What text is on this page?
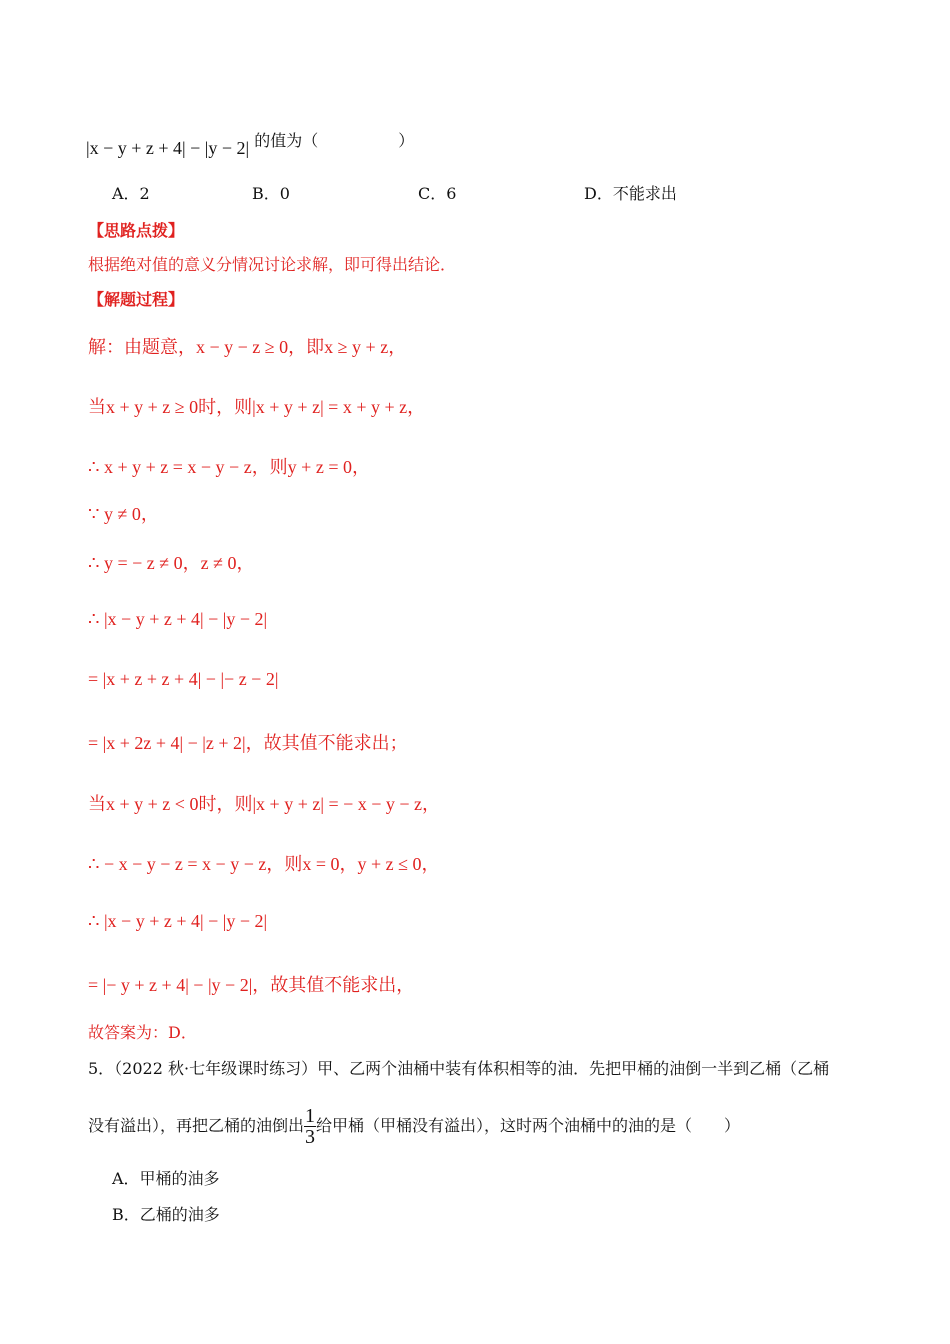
|x − y + z + 4| − |y − 2| 的值为（　　　　　）
A．2	B．0	C．6	D．不能求出
【思路点拨】
根据绝对值的意义分情况讨论求解，即可得出结论．
【解题过程】
解：由题意，x − y − z ≥ 0，即x ≥ y + z，
当x + y + z ≥ 0时，则|x + y + z| = x + y + z，
∴ x + y + z = x − y − z，则y + z = 0，
∵ y ≠ 0，
∴ y = − z ≠ 0，z ≠ 0，
∴ |x − y + z + 4| − |y − 2|
= |x + z + z + 4| − |− z − 2|
= |x + 2z + 4| − |z + 2|，故其值不能求出；
当x + y + z < 0时，则|x + y + z| = − x − y − z，
∴ − x − y − z = x − y − z，则x = 0，y + z ≤ 0，
∴ |x − y + z + 4| − |y − 2|
= |− y + z + 4| − |y − 2|，故其值不能求出，
故答案为：D．
5．（2022 秋·七年级课时练习）甲、乙两个油桶中装有体积相等的油．先把甲桶的油倒一半到乙桶（乙桶
没有溢出），再把乙桶的油倒出 $\frac{1}{3}$ 给甲桶（甲桶没有溢出），这时两个油桶中的油的是（　　）
A．甲桶的油多
B．乙桶的油多
